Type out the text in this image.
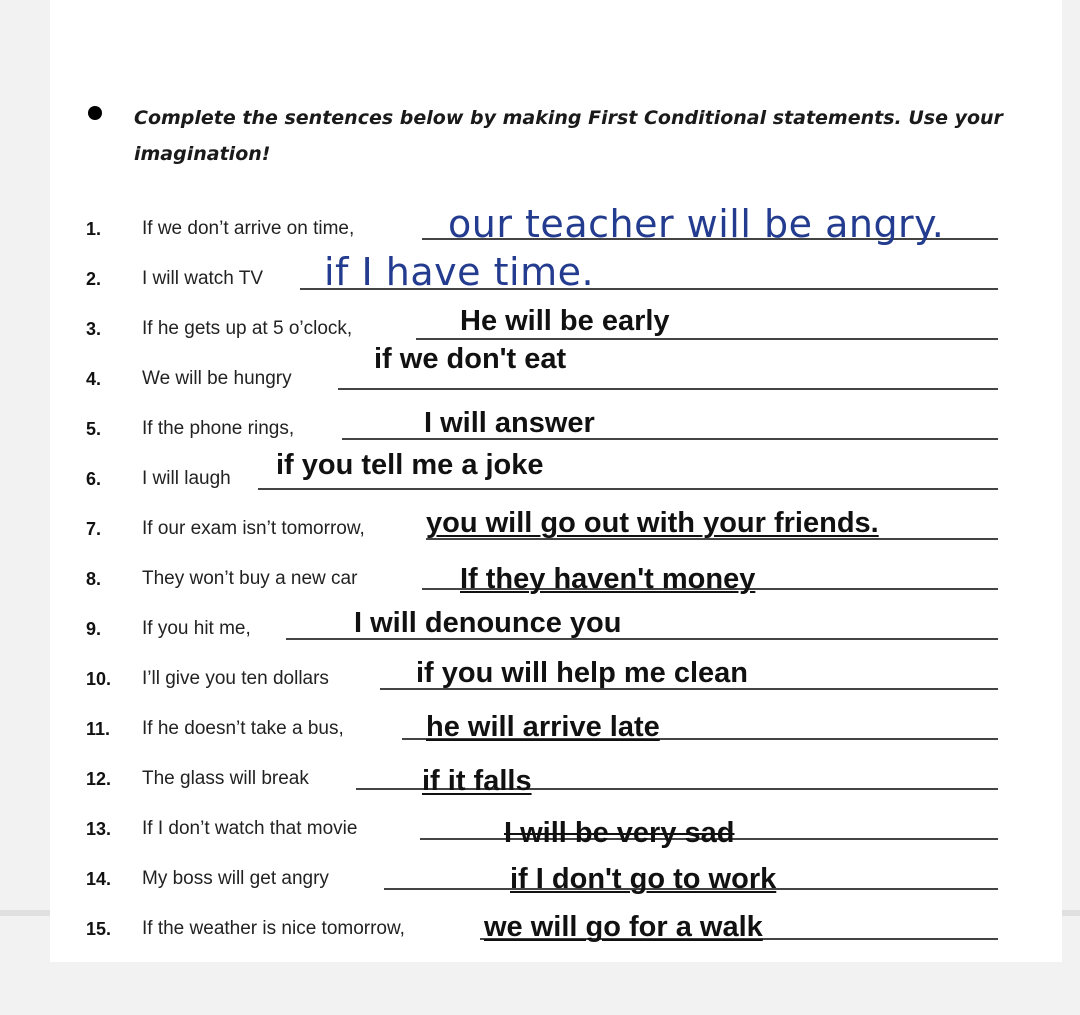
Complete the sentences below by making First Conditional statements. Use your imagination!

1.	If we don’t arrive on time, our teacher will be angry.
2.	I will watch TV if I have time.
3.	If he gets up at 5 o’clock,	He will be early
4.	We will be hungry
if we don't eat
5.	If the phone rings,	I will answer
6.	I will laugh if you tell me a joke
7.	If our exam isn’t tomorrow, you will go out with your friends.
8.	They won’t buy a new car	If they haven't money
9.	If you hit me,	I will denounce you
10.	I’ll give you ten dollars	if you will help me clean
11.	If he doesn’t take a bus,	he will arrive late
12.	The glass will break	if it falls
13.	If I don’t watch that movie	I will be very sad
14.	My boss will get angry	if I don't go to work
15.	If the weather is nice tomorrow,	we will go for a walk
